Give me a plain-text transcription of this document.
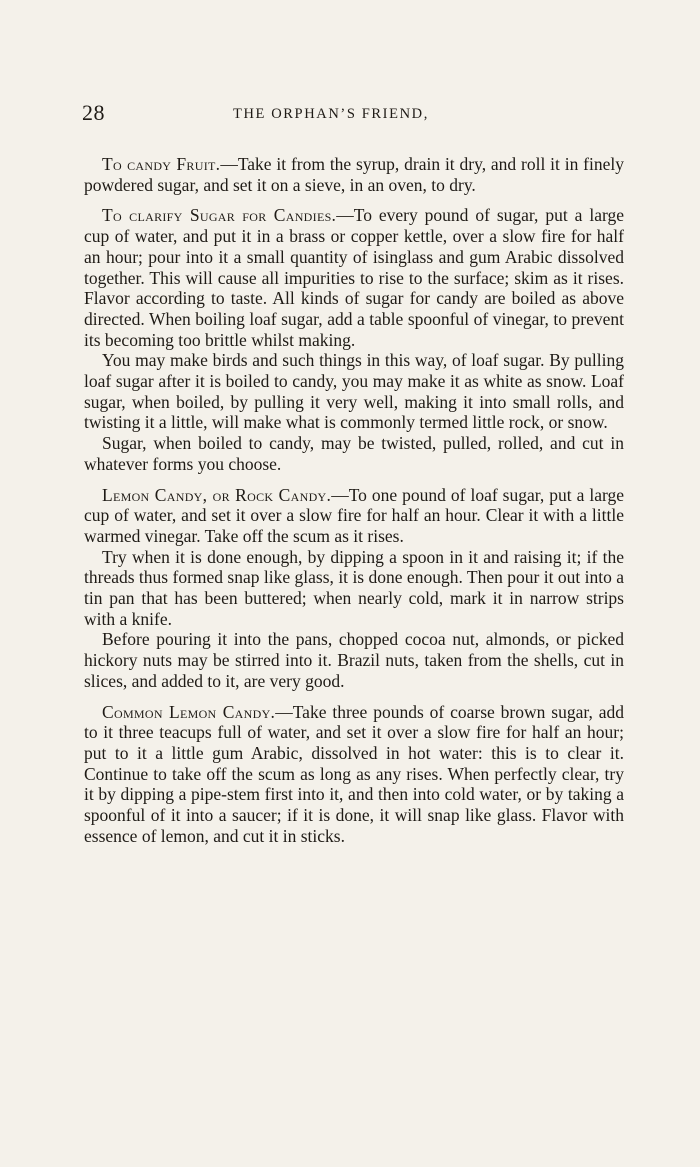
28	THE ORPHAN’S FRIEND,

To candy Fruit.—Take it from the syrup, drain it dry, and roll it in finely powdered sugar, and set it on a sieve, in an oven, to dry.

To clarify Sugar for Candies.—To every pound of sugar, put a large cup of water, and put it in a brass or copper kettle, over a slow fire for half an hour; pour into it a small quantity of isinglass and gum Arabic dissolved together. This will cause all impurities to rise to the surface; skim as it rises. Flavor according to taste. All kinds of sugar for candy are boiled as above directed. When boiling loaf sugar, add a table spoonful of vinegar, to prevent its becoming too brittle whilst making.

You may make birds and such things in this way, of loaf sugar. By pulling loaf sugar after it is boiled to candy, you may make it as white as snow. Loaf sugar, when boiled, by pulling it very well, making it into small rolls, and twisting it a little, will make what is commonly termed little rock, or snow.

Sugar, when boiled to candy, may be twisted, pulled, rolled, and cut in whatever forms you choose.

Lemon Candy, or Rock Candy.—To one pound of loaf sugar, put a large cup of water, and set it over a slow fire for half an hour. Clear it with a little warmed vinegar. Take off the scum as it rises.

Try when it is done enough, by dipping a spoon in it and raising it; if the threads thus formed snap like glass, it is done enough. Then pour it out into a tin pan that has been buttered; when nearly cold, mark it in narrow strips with a knife.

Before pouring it into the pans, chopped cocoa nut, almonds, or picked hickory nuts may be stirred into it. Brazil nuts, taken from the shells, cut in slices, and added to it, are very good.

Common Lemon Candy.—Take three pounds of coarse brown sugar, add to it three teacups full of water, and set it over a slow fire for half an hour; put to it a little gum Arabic, dissolved in hot water: this is to clear it. Continue to take off the scum as long as any rises. When perfectly clear, try it by dipping a pipe-stem first into it, and then into cold water, or by taking a spoonful of it into a saucer; if it is done, it will snap like glass. Flavor with essence of lemon, and cut it in sticks.
